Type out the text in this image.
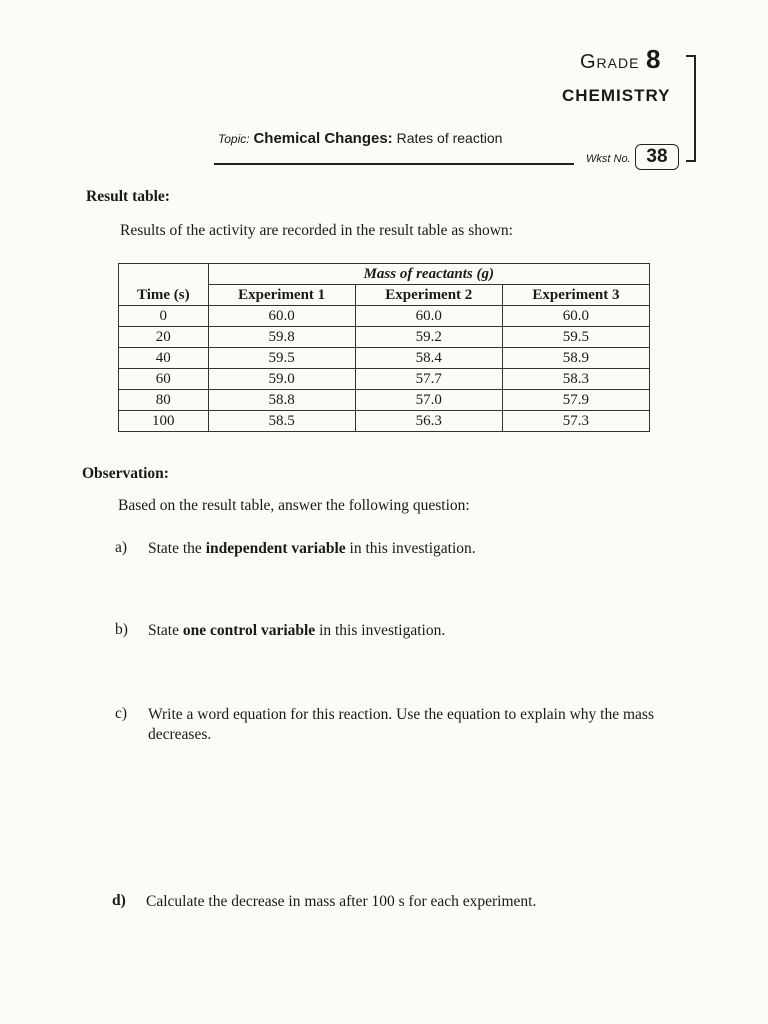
Grade 8
CHEMISTRY
Topic: Chemical Changes: Rates of reaction
Wkst No. 38
Result table:
Results of the activity are recorded in the result table as shown:
	Mass of reactants (g)		
Time (s)	Experiment 1	Experiment 2	Experiment 3
0	60.0	60.0	60.0
20	59.8	59.2	59.5
40	59.5	58.4	58.9
60	59.0	57.7	58.3
80	58.8	57.0	57.9
100	58.5	56.3	57.3
Observation:
Based on the result table, answer the following question:
a) State the independent variable in this investigation.
b) State one control variable in this investigation.
c) Write a word equation for this reaction. Use the equation to explain why the mass decreases.
d) Calculate the decrease in mass after 100 s for each experiment.
